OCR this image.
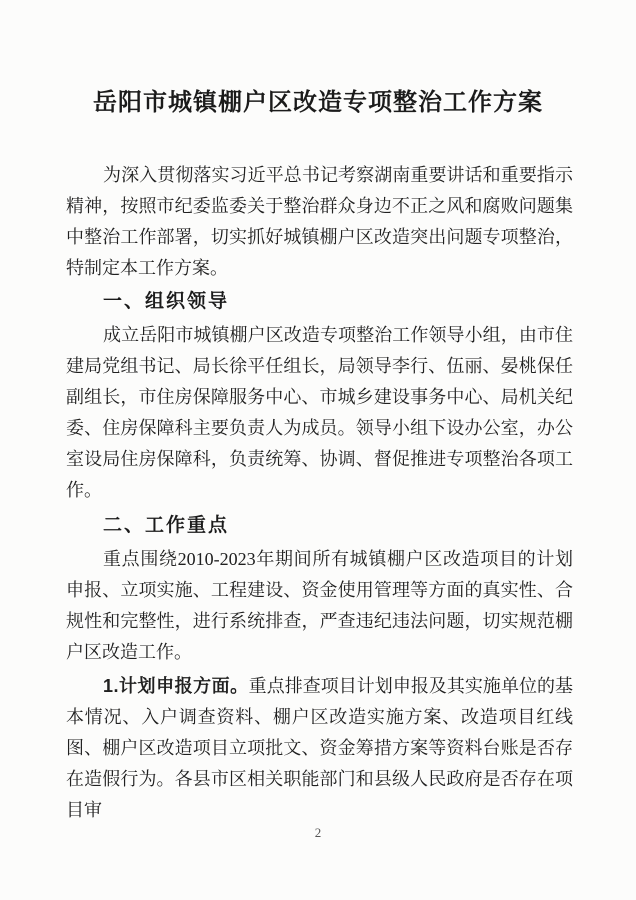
岳阳市城镇棚户区改造专项整治工作方案

为深入贯彻落实习近平总书记考察湖南重要讲话和重要指示精神，按照市纪委监委关于整治群众身边不正之风和腐败问题集中整治工作部署，切实抓好城镇棚户区改造突出问题专项整治，特制定本工作方案。

一、组织领导

成立岳阳市城镇棚户区改造专项整治工作领导小组，由市住建局党组书记、局长徐平任组长，局领导李行、伍丽、晏桃保任副组长，市住房保障服务中心、市城乡建设事务中心、局机关纪委、住房保障科主要负责人为成员。领导小组下设办公室，办公室设局住房保障科，负责统筹、协调、督促推进专项整治各项工作。

二、工作重点

重点围绕2010-2023年期间所有城镇棚户区改造项目的计划申报、立项实施、工程建设、资金使用管理等方面的真实性、合规性和完整性，进行系统排查，严查违纪违法问题，切实规范棚户区改造工作。

1.计划申报方面。重点排查项目计划申报及其实施单位的基本情况、入户调查资料、棚户区改造实施方案、改造项目红线图、棚户区改造项目立项批文、资金筹措方案等资料台账是否存在造假行为。各县市区相关职能部门和县级人民政府是否存在项目审

2
